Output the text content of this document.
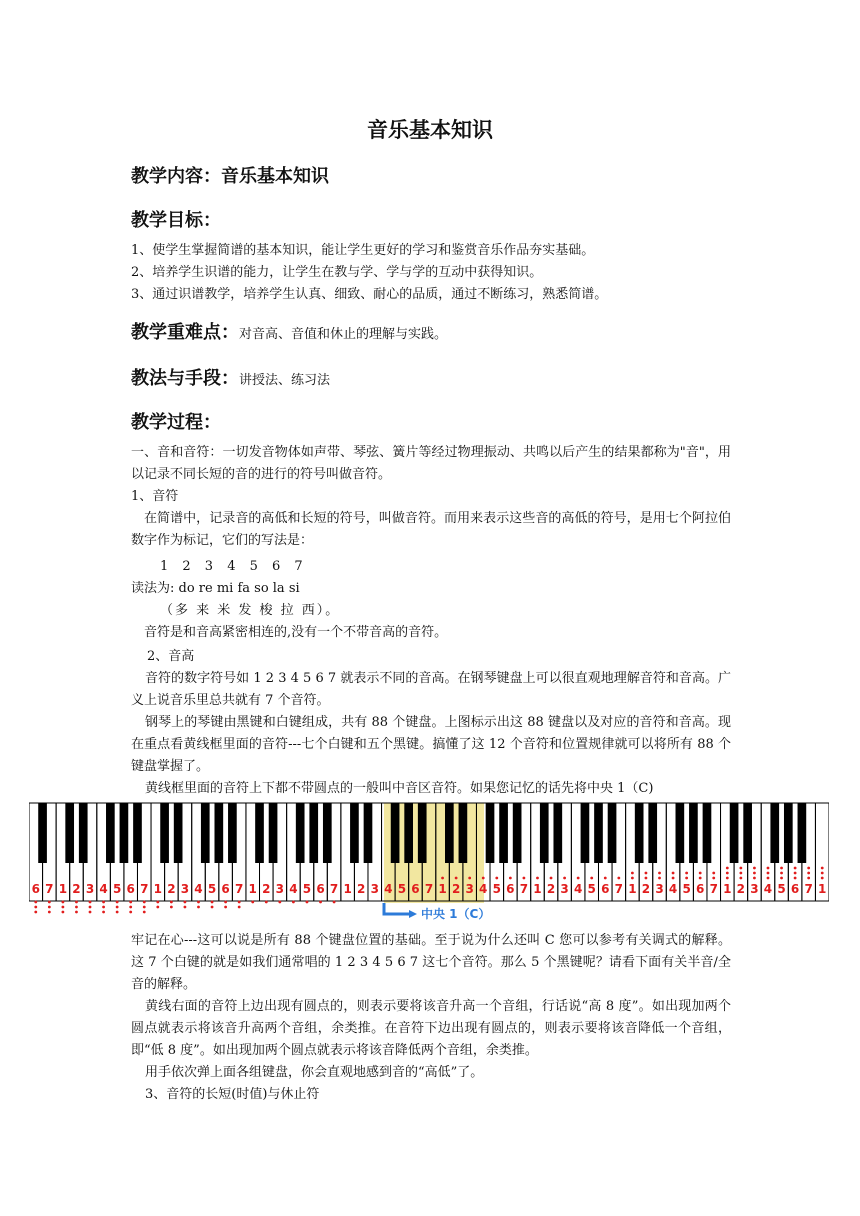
音乐基本知识
教学内容：音乐基本知识
教学目标：
1、使学生掌握简谱的基本知识，能让学生更好的学习和鉴赏音乐作品夯实基础。
2、培养学生识谱的能力，让学生在教与学、学与学的互动中获得知识。
3、通过识谱教学，培养学生认真、细致、耐心的品质，通过不断练习，熟悉简谱。
教学重难点：对音高、音值和休止的理解与实践。
教法与手段：讲授法、练习法
教学过程：
一、音和音符：一切发音物体如声带、琴弦、簧片等经过物理振动、共鸣以后产生的结果都称为"音"，用以记录不同长短的音的进行的符号叫做音符。
1、音符
在简谱中，记录音的高低和长短的符号，叫做音符。而用来表示这些音的高低的符号，是用七个阿拉伯数字作为标记，它们的写法是：
1 2 3 4 5 6 7
读法为: do re mi fa so la si
（多 来 米 发 梭 拉 西）。
音符是和音高紧密相连的,没有一个不带音高的音符。
2、音高
音符的数字符号如 1 2 3 4 5 6 7 就表示不同的音高。在钢琴键盘上可以很直观地理解音符和音高。广义上说音乐里总共就有 7 个音符。
钢琴上的琴键由黑键和白键组成，共有 88 个键盘。上图标示出这 88 键盘以及对应的音符和音高。现在重点看黄线框里面的音符---七个白键和五个黑键。搞懂了这 12 个音符和位置规律就可以将所有 88 个键盘掌握了。
黄线框里面的音符上下都不带圆点的一般叫中音区音符。如果您记忆的话先将中央 1（C)
6 7 1 2 3 4 5 6 7 1 2 3 4 5 6 7 1 2 3 4 5 6 7 1 2 3 4 5 6 7 1 2 3 4 5 6 7 1 2 3 4 5 6 7 1 2 3 4 5 6 7 1 2 3 4 5 6 7 1
中央 1（C）
牢记在心---这可以说是所有 88 个键盘位置的基础。至于说为什么还叫 C 您可以参考有关调式的解释。这 7 个白键的就是如我们通常唱的 1 2 3 4 5 6 7 这七个音符。那么 5 个黑键呢？请看下面有关半音/全音的解释。
黄线右面的音符上边出现有圆点的，则表示要将该音升高一个音组，行话说“高 8 度”。如出现加两个圆点就表示将该音升高两个音组，余类推。在音符下边出现有圆点的，则表示要将该音降低一个音组，即“低 8 度”。如出现加两个圆点就表示将该音降低两个音组，余类推。
用手依次弹上面各组键盘，你会直观地感到音的“高低”了。
3、音符的长短(时值)与休止符
